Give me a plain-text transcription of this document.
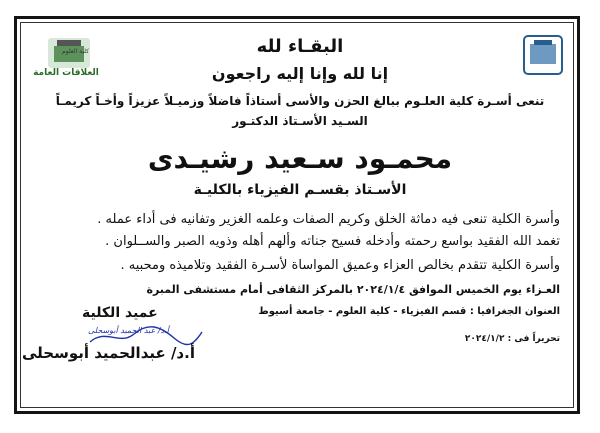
كلية العلوم
العلاقات العامة
البقـاء لله
إنا لله وإنا إليه راجعون
تنعى أسـرة كلية العلـوم ببالغ الحزن والأسى أستاذاً فاضلاً وزميـلاً عزيزاً وأخـاً كريمـاً
السـيد الأسـتاذ الدكتـور
محمـود سـعيد رشيـدى
الأسـتاذ بقسـم الفيزياء بالكليـة
وأسرة الكلية تنعى فيه دماثة الخلق وكريم الصفات وعلمه الغزير وتفانيه فى أداء عمله .
تغمد الله الفقيد بواسع رحمته وأدخله فسيح جناته وألهم أهله وذويه الصبر والســلوان .
وأسرة الكلية تتقدم بخالص العزاء وعميق المواساة لأسـرة الفقيد وتلاميذه ومحبيه .
العـزاء يوم الخميس الموافق ٢٠٢٤/١/٤ بالمركز الثقافى أمام مستشفى المبرة
العنوان الجغرافيا : قسم الفيزياء - كلية العلوم - جامعة أسيوط
تحريراً فى : ٢٠٢٤/١/٢
عميد الكلية
أ.د/ عبد الحميد أبوسحلى
أ.د/ عبدالحميد أبوسحلى
